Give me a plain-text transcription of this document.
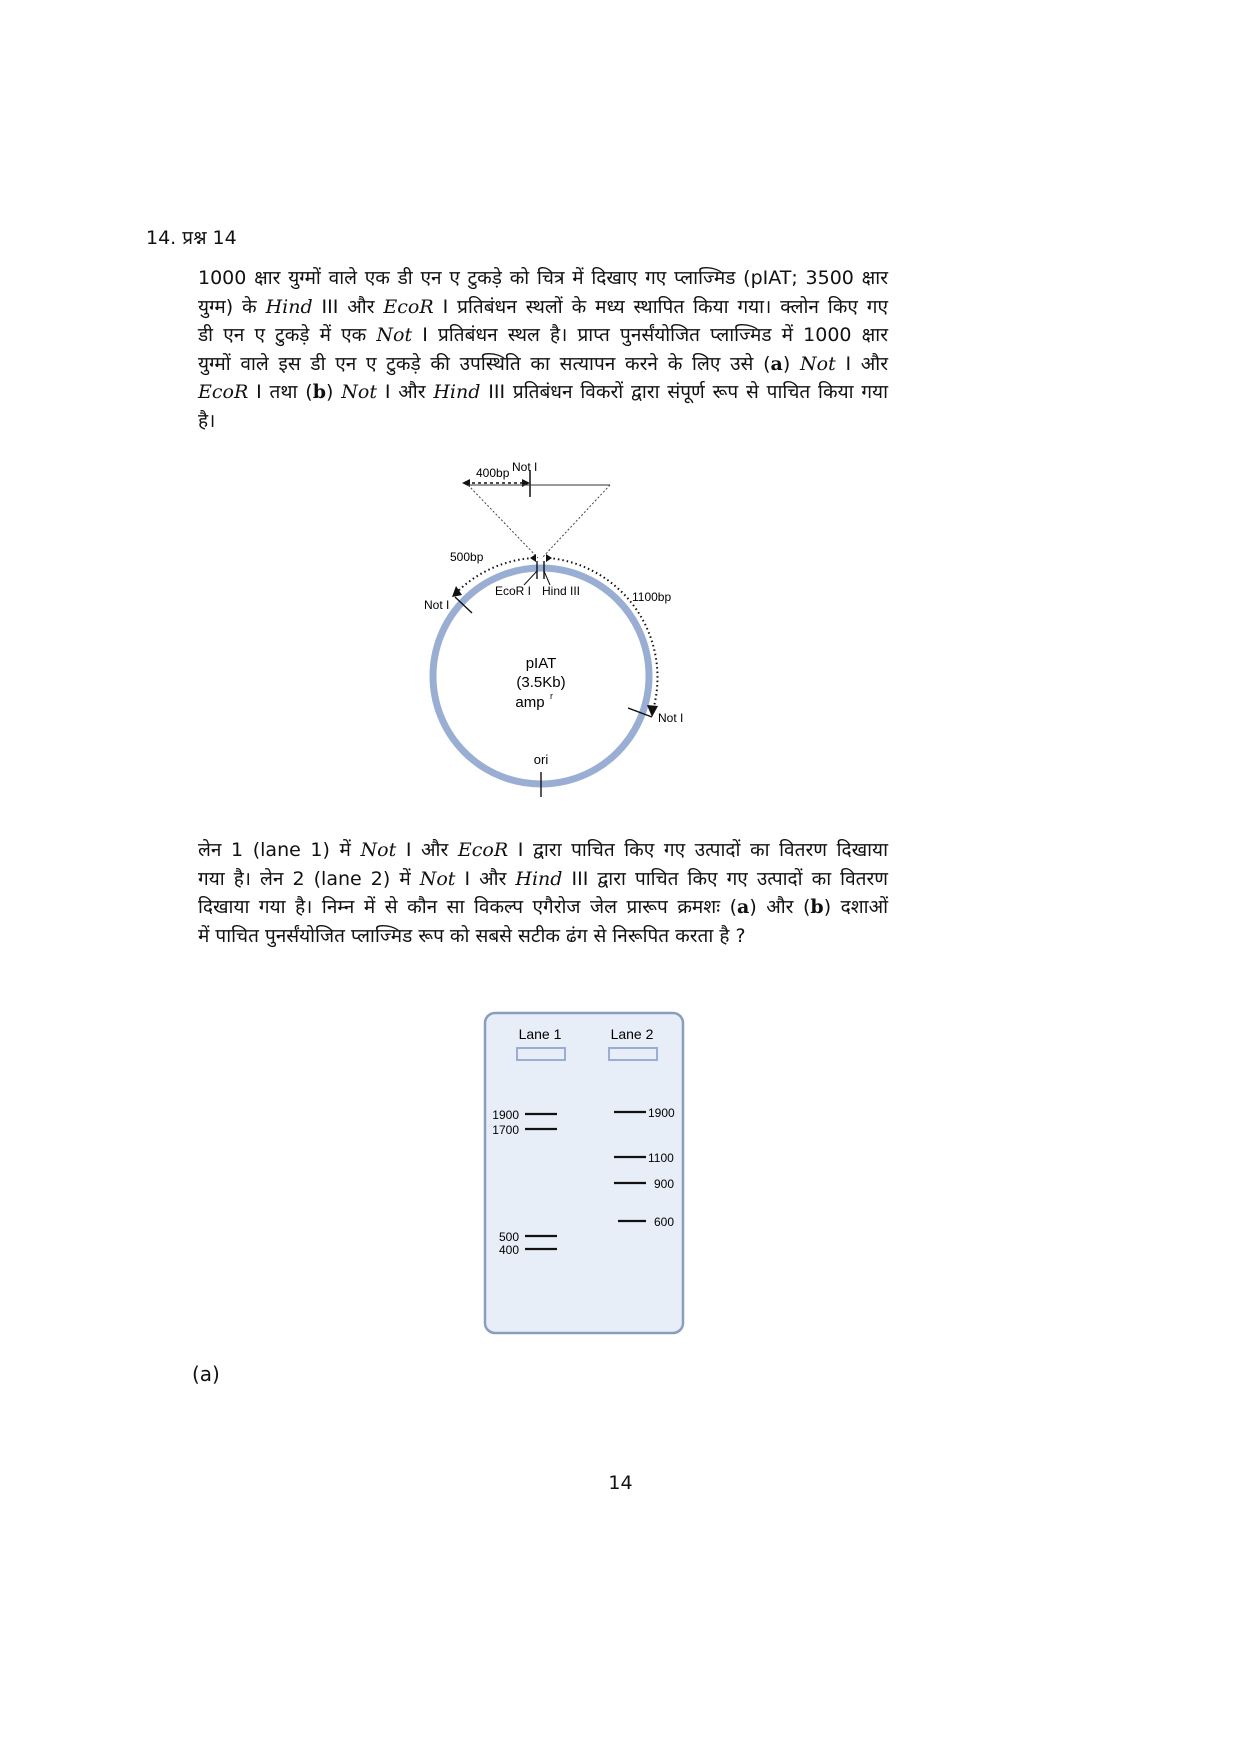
14. प्रश्न 14
1000 क्षार युग्मों वाले एक डी एन ए टुकड़े को चित्र में दिखाए गए प्लाज्मिड (pIAT; 3500 क्षार
युग्म) के Hind III और EcoR I प्रतिबंधन स्थलों के मध्य स्थापित किया गया। क्लोन किए गए
डी एन ए टुकड़े में एक Not I प्रतिबंधन स्थल है। प्राप्त पुनर्संयोजित प्लाज्मिड में 1000 क्षार
युग्मों वाले इस डी एन ए टुकड़े की उपस्थिति का सत्यापन करने के लिए उसे (a) Not I और
EcoR I तथा (b) Not I और Hind III प्रतिबंधन विकरों द्वारा संपूर्ण रूप से पाचित किया गया
है।
400bp Not I
500bp
1100bp
EcoR I Hind III
Not I
Not I
pIAT
(3.5Kb)
amp r
ori
लेन 1 (lane 1) में Not I और EcoR I द्वारा पाचित किए गए उत्पादों का वितरण दिखाया
गया है। लेन 2 (lane 2) में Not I और Hind III द्वारा पाचित किए गए उत्पादों का वितरण
दिखाया गया है। निम्न में से कौन सा विकल्प एगैरोज जेल प्रारूप क्रमशः (a) और (b) दशाओं
में पाचित पुनर्संयोजित प्लाज्मिड रूप को सबसे सटीक ढंग से निरूपित करता है ?
Lane 1	Lane 2
1900
1700
500
400
1900
1100
900
600
(a)
14
